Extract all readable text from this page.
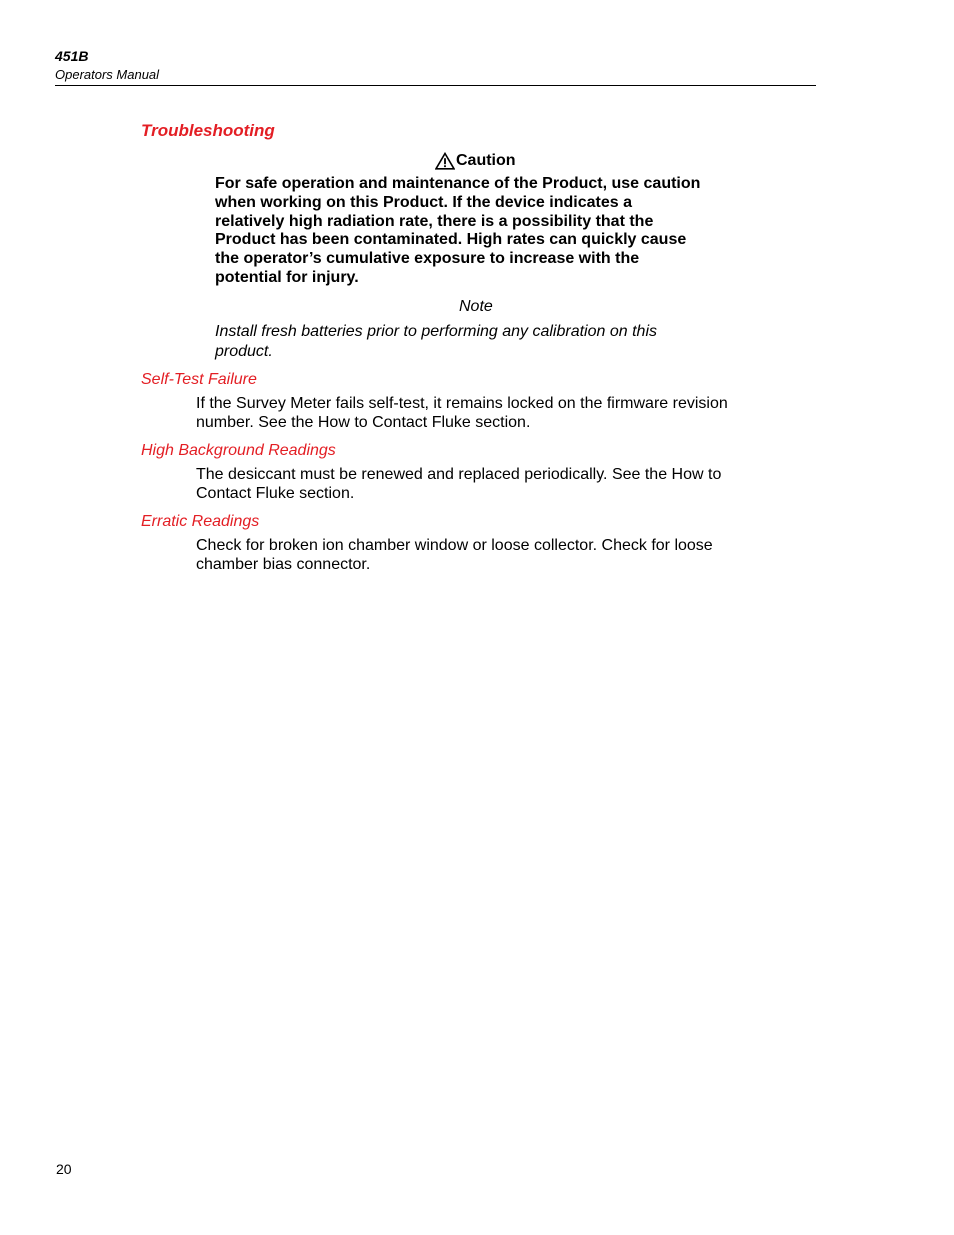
451B
Operators Manual
Troubleshooting
Caution
For safe operation and maintenance of the Product, use caution
when working on this Product. If the device indicates a
relatively high radiation rate, there is a possibility that the
Product has been contaminated. High rates can quickly cause
the operator’s cumulative exposure to increase with the
potential for injury.
Note
Install fresh batteries prior to performing any calibration on this
product.
Self-Test Failure
If the Survey Meter fails self-test, it remains locked on the firmware revision
number. See the How to Contact Fluke section.
High Background Readings
The desiccant must be renewed and replaced periodically. See the How to
Contact Fluke section.
Erratic Readings
Check for broken ion chamber window or loose collector. Check for loose
chamber bias connector.
20
